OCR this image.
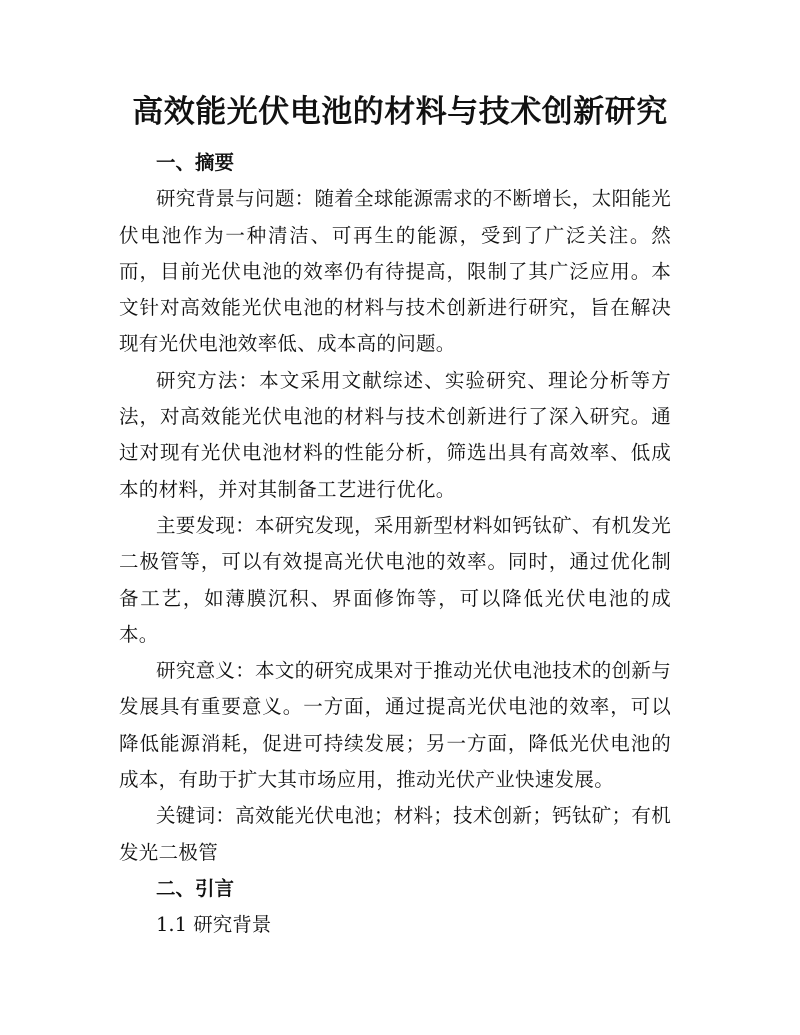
高效能光伏电池的材料与技术创新研究

一、摘要

研究背景与问题：随着全球能源需求的不断增长，太阳能光伏电池作为一种清洁、可再生的能源，受到了广泛关注。然而，目前光伏电池的效率仍有待提高，限制了其广泛应用。本文针对高效能光伏电池的材料与技术创新进行研究，旨在解决现有光伏电池效率低、成本高的问题。

研究方法：本文采用文献综述、实验研究、理论分析等方法，对高效能光伏电池的材料与技术创新进行了深入研究。通过对现有光伏电池材料的性能分析，筛选出具有高效率、低成本的材料，并对其制备工艺进行优化。

主要发现：本研究发现，采用新型材料如钙钛矿、有机发光二极管等，可以有效提高光伏电池的效率。同时，通过优化制备工艺，如薄膜沉积、界面修饰等，可以降低光伏电池的成本。

研究意义：本文的研究成果对于推动光伏电池技术的创新与发展具有重要意义。一方面，通过提高光伏电池的效率，可以降低能源消耗，促进可持续发展；另一方面，降低光伏电池的成本，有助于扩大其市场应用，推动光伏产业快速发展。

关键词：高效能光伏电池；材料；技术创新；钙钛矿；有机发光二极管

二、引言

1.1 研究背景
